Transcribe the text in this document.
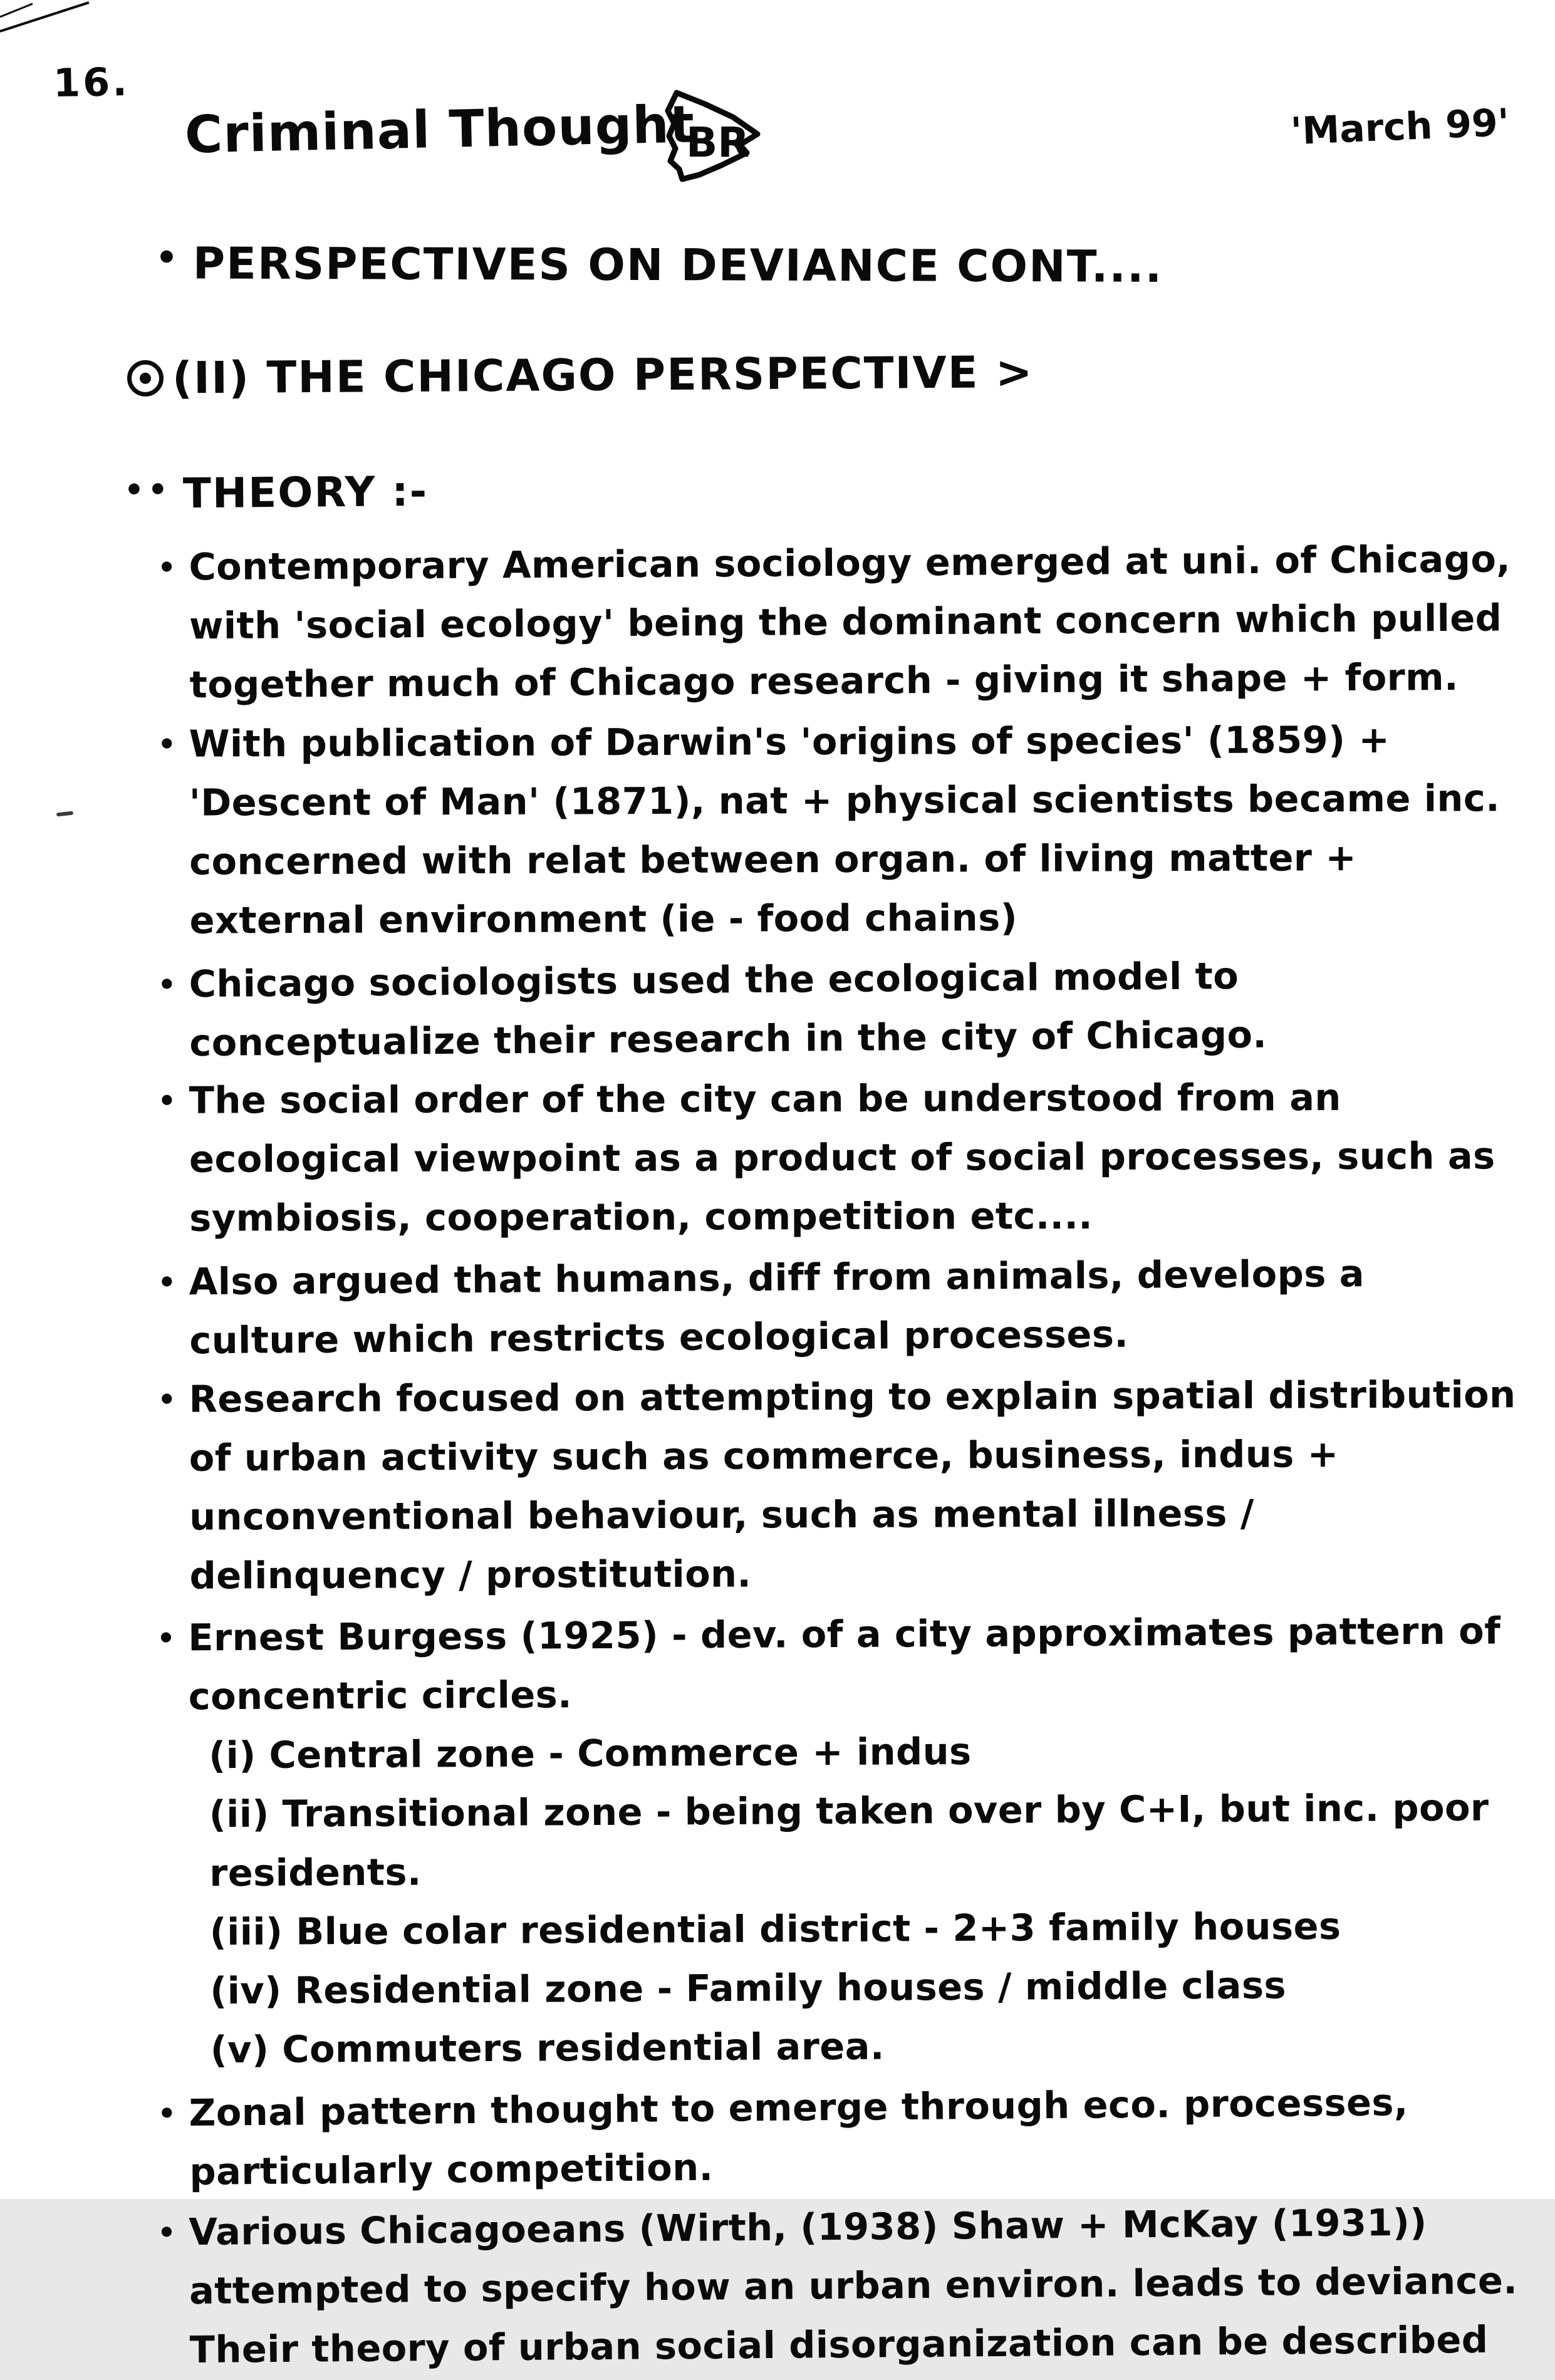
16.
Criminal Thought
BR	'March 99'
• PERSPECTIVES ON DEVIANCE CONT....
(II) THE CHICAGO PERSPECTIVE >
•• THEORY :-
• Contemporary American sociology emerged at uni. of Chicago, with 'social ecology' being the dominant concern which pulled together much of Chicago research - giving it shape + form.
• With publication of Darwin's 'origins of species' (1859) + 'Descent of Man' (1871), nat + physical scientists became inc. concerned with relat between organ. of living matter + external environment (ie - food chains)
• Chicago sociologists used the ecological model to conceptualize their research in the city of Chicago.
• The social order of the city can be understood from an ecological viewpoint as a product of social processes, such as symbiosis, cooperation, competition etc....
• Also argued that humans, diff from animals, develops a culture which restricts ecological processes.
• Research focused on attempting to explain spatial distribution of urban activity such as commerce, business, indus + unconventional behaviour, such as mental illness / delinquency / prostitution.
• Ernest Burgess (1925) - dev. of a city approximates pattern of concentric circles.
(i) Central zone - Commerce + indus
(ii) Transitional zone - being taken over by C+I, but inc. poor residents.
(iii) Blue colar residential district - 2+3 family houses
(iv) Residential zone - Family houses / middle class
(v) Commuters residential area.
• Zonal pattern thought to emerge through eco. processes, particularly competition.
• Various Chicagoeans (Wirth, (1938) Shaw + McKay (1931)) attempted to specify how an urban environ. leads to deviance. Their theory of urban social disorganization can be described
